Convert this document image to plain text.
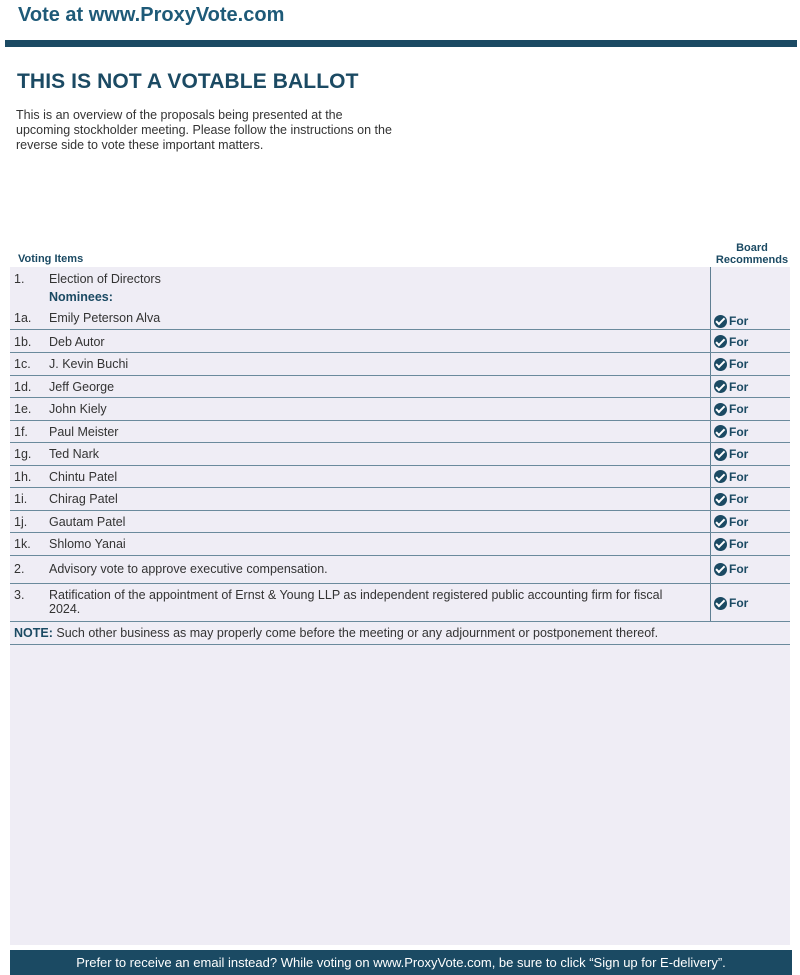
Vote at www.ProxyVote.com
THIS IS NOT A VOTABLE BALLOT

This is an overview of the proposals being presented at the upcoming stockholder meeting. Please follow the instructions on the reverse side to vote these important matters.

Voting Items
Board Recommends
1. Election of Directors
Nominees:
1a. Emily Peterson Alva	For
1b. Deb Autor	For
1c. J. Kevin Buchi	For
1d. Jeff George	For
1e. John Kiely	For
1f. Paul Meister	For
1g. Ted Nark	For
1h. Chintu Patel	For
1i. Chirag Patel	For
1j. Gautam Patel	For
1k. Shlomo Yanai	For
2. Advisory vote to approve executive compensation.	For
3. Ratification of the appointment of Ernst & Young LLP as independent registered public accounting firm for fiscal
2024.	For
NOTE: Such other business as may properly come before the meeting or any adjournment or postponement thereof.
Prefer to receive an email instead? While voting on www.ProxyVote.com, be sure to click “Sign up for E-delivery”.
